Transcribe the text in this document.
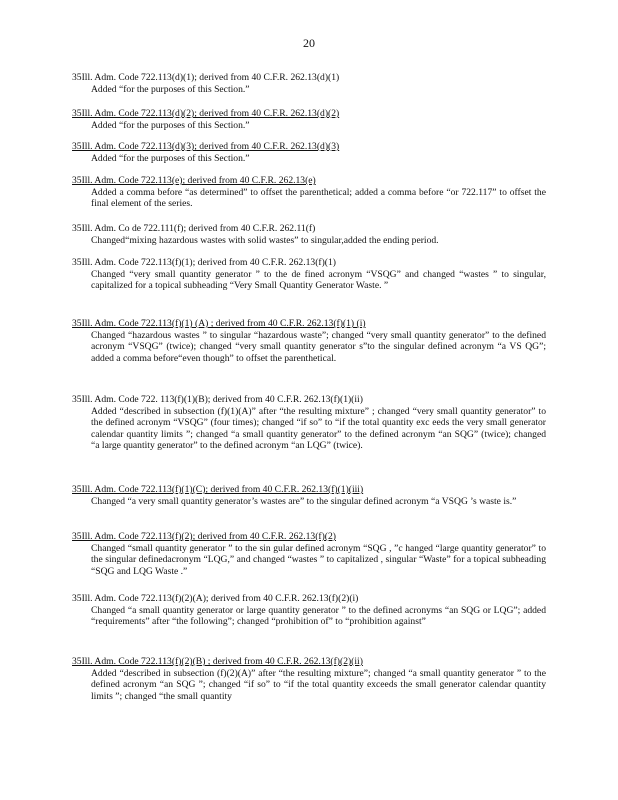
20
35Ill. Adm. Code 722.113(d)(1); derived from 40 C.F.R. 262.13(d)(1)
Added “for the purposes of this Section.”
35Ill. Adm. Code 722.113(d)(2); derived from 40 C.F.R. 262.13(d)(2)
Added “for the purposes of this Section.”
35Ill. Adm. Code 722.113(d)(3); derived from 40 C.F.R. 262.13(d)(3)
Added “for the purposes of this Section.”
35Ill. Adm. Code 722.113(e); derived from 40 C.F.R. 262.13(e)
Added a comma before “as determined” to offset the parenthetical; added a comma before “or 722.117” to offset the final element of the series.
35Ill. Adm. Co de 722.111(f); derived from 40 C.F.R. 262.11(f)
Changed“mixing hazardous wastes with solid wastes” to singular,added the ending period.
35Ill. Adm. Code 722.113(f)(1); derived from 40 C.F.R. 262.13(f)(1)
Changed “very small quantity generator ” to the de fined acronym “VSQG” and changed “wastes ” to singular, capitalized for a topical subheading “Very Small Quantity Generator Waste. ”
35Ill. Adm. Code 722.113(f)(1) (A) ; derived from 40 C.F.R. 262.13(f)(1) (i)
Changed “hazardous wastes ” to singular “hazardous waste”; changed “very small quantity generator” to the defined acronym “VSQG” (twice); changed “very small quantity generator s”to the singular defined acronym “a VS QG”; added a comma before“even though” to offset the parenthetical.
35Ill. Adm. Code 722. 113(f)(1)(B); derived from 40 C.F.R. 262.13(f)(1)(ii)
Added “described in subsection (f)(1)(A)” after “the resulting mixture” ; changed “very small quantity generator” to the defined acronym “VSQG” (four times); changed “if so” to “if the total quantity exc eeds the very small generator calendar quantity limits ”; changed “a small quantity generator” to the defined acronym “an SQG” (twice); changed “a large quantity generator” to the defined acronym “an LQG” (twice).
35Ill. Adm. Code 722.113(f)(1)(C); derived from 40 C.F.R. 262.13(f)(1)(iii)
Changed “a very small quantity generator’s wastes are” to the singular defined acronym “a VSQG ’s waste is.”
35Ill. Adm. Code 722.113(f)(2); derived from 40 C.F.R. 262.13(f)(2)
Changed “small quantity generator ” to the sin gular defined acronym “SQG , ”c hanged “large quantity generator” to the singular definedacronym “LQG,” and changed “wastes ” to capitalized , singular “Waste” for a topical subheading “SQG and LQG Waste .”
35Ill. Adm. Code 722.113(f)(2)(A); derived from 40 C.F.R. 262.13(f)(2)(i)
Changed “a small quantity generator or large quantity generator ” to the defined acronyms “an SQG or LQG”; added “requirements” after “the following”; changed “prohibition of” to “prohibition against”
35Ill. Adm. Code 722.113(f)(2)(B) ; derived from 40 C.F.R. 262.13(f)(2)(ii)
Added “described in subsection (f)(2)(A)” after “the resulting mixture”; changed “a small quantity generator ” to the defined acronym “an SQG ”; changed “if so” to “if the total quantity exceeds the small generator calendar quantity limits ”; changed “the small quantity
